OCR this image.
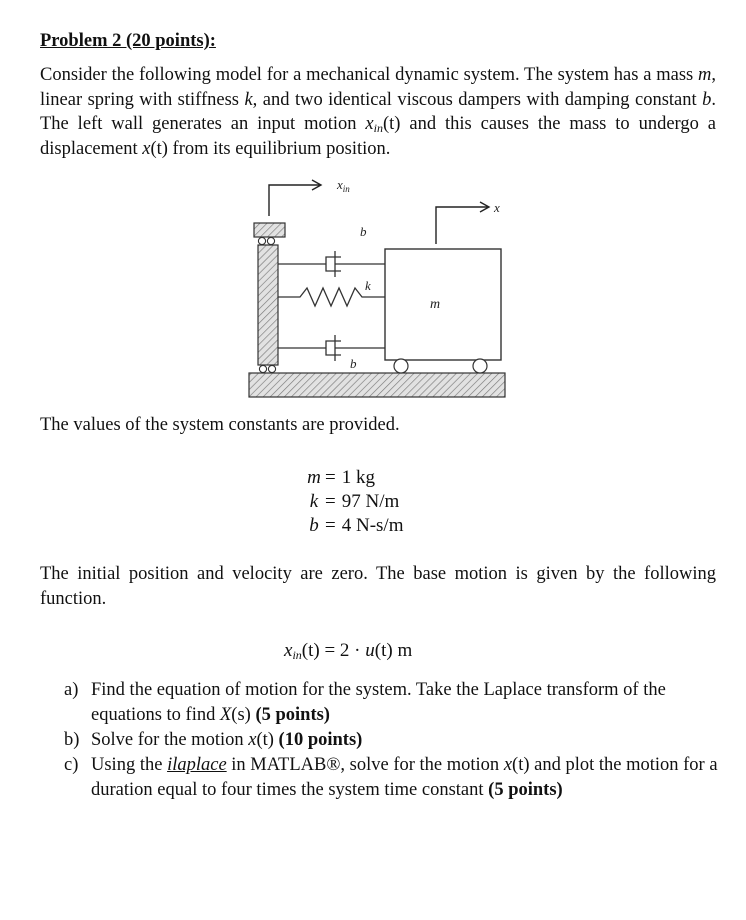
Problem 2 (20 points):

Consider the following model for a mechanical dynamic system. The system has a mass m, linear spring with stiffness k, and two identical viscous dampers with damping constant b. The left wall generates an input motion $x_{in}(t)$ and this causes the mass to undergo a displacement x(t) from its equilibrium position.

$x_{in}$
b
k
b
m
x

The values of the system constants are provided.

m = 1 kg
k = 97 N/m
b = 4 N-s/m

The initial position and velocity are zero. The base motion is given by the following function.

$x_{in}(t) = 2 \cdot u(t)$ m
a) Find the equation of motion for the system. Take the Laplace transform of the equations to find X(s) (5 points)
b) Solve for the motion x(t) (10 points)
c) Using the ilaplace in MATLAB®, solve for the motion x(t) and plot the motion for a duration equal to four times the system time constant (5 points)
